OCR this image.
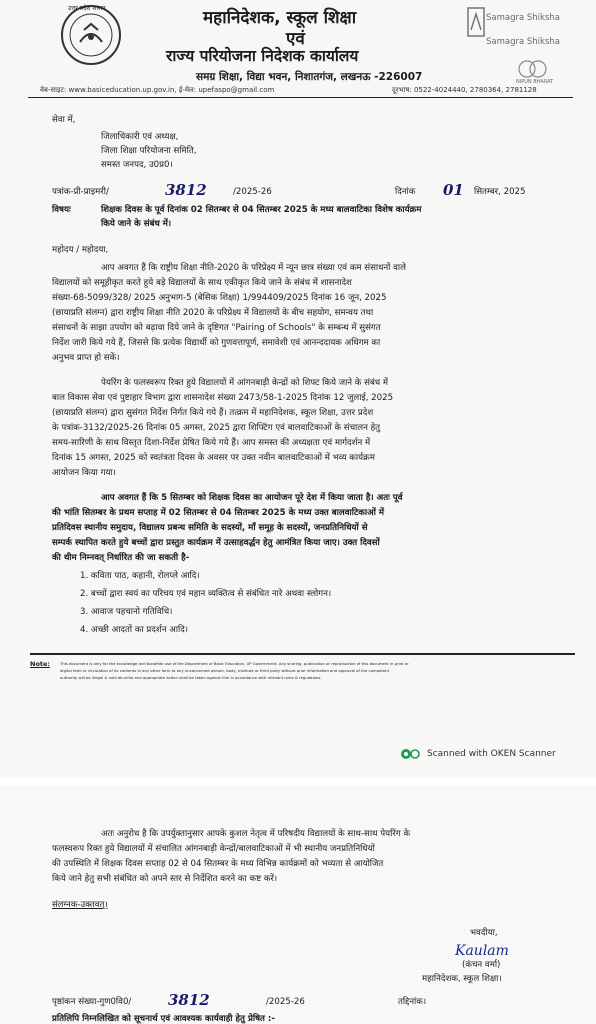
उत्तर प्रदेश शासन	महानिदेशक, स्कूल शिक्षा
एवं
राज्य परियोजना निदेशक कार्यालय
समग्र शिक्षा, विद्या भवन, निशातगंज, लखनऊ -226007
वेब-साइट: www.basiceducation.up.gov.in, ई-मेल: upefaspo@gmail.com	दूरभाष: 0522-4024440, 2780364, 2781128
Samagra Shiksha
Samagra Shiksha
NIPUN BHARAT
सेवा में,
जिलाधिकारी एवं अध्यक्ष,
जिला शिक्षा परियोजना समिति,
समस्त जनपद, उ0प्र0।
पत्रांक-प्री-प्राइमरी/	3812	/2025-26	दिनांक 01 सितम्बर, 2025
विषयः	शिक्षक दिवस के पूर्व दिनांक 02 सितम्बर से 04 सितम्बर 2025 के मध्य बालवाटिका विशेष कार्यक्रम
किये जाने के संबंध में।
महोदय / महोदया,
आप अवगत हैं कि राष्ट्रीय शिक्षा नीति-2020 के परिप्रेक्ष्य में न्यून छात्र संख्या एवं कम संसाधनों वाले
विद्यालयों को समूहीकृत करते हुये बड़े विद्यालयों के साथ एकीकृत किये जाने के संबंध में शासनादेश
संख्या-68-5099/328/ 2025 अनुभाग-5 (बेसिक शिक्षा) 1/994409/2025 दिनांक 16 जून, 2025
(छायाप्रति संलग्न) द्वारा राष्ट्रीय शिक्षा नीति 2020 के परिप्रेक्ष्य में विद्यालयों के बीच सहयोग, समन्वय तथा
संसाधनों के साझा उपयोग को बढ़ावा दिये जाने के दृष्टिगत "Pairing of Schools" के सम्बन्ध में सुसंगत
निर्देश जारी किये गये हैं, जिससे कि प्रत्येक विद्यार्थी को गुणवत्तापूर्ण, समावेशी एवं आनन्ददायक अधिगम का
अनुभव प्राप्त हो सकें।
पेयरिंग के फलस्वरूप रिक्त हुये विद्यालयों में आंगनबाड़ी केन्द्रों को शिफ्ट किये जाने के संबंध में
बाल विकास सेवा एवं पुष्टाहार विभाग द्वारा शासनादेश संख्या 2473/58-1-2025 दिनांक 12 जुलाई, 2025
(छायाप्रति संलग्न) द्वारा सुसंगत निर्देश निर्गत किये गये हैं। तत्क्रम में महानिदेशक, स्कूल शिक्षा, उत्तर प्रदेश
के पत्रांक-3132/2025-26 दिनांक 05 अगस्त, 2025 द्वारा शिफ्टिंग एवं बालवाटिकाओं के संचालन हेतु
समय-सारिणी के साथ विस्तृत दिशा-निर्देश प्रेषित किये गये हैं। आप समस्त की अध्यक्षता एवं मार्गदर्शन में
दिनांक 15 अगस्त, 2025 को स्वतंत्रता दिवस के अवसर पर उक्त नवीन बालवाटिकाओं में भव्य कार्यक्रम
आयोजन किया गया।
आप अवगत हैं कि 5 सितम्बर को शिक्षक दिवस का आयोजन पूरे देश में किया जाता है। अतः पूर्व
की भांति सितम्बर के प्रथम सप्ताह में 02 सितम्बर से 04 सितम्बर 2025 के मध्य उक्त बालवाटिकाओं में
प्रतिदिवस स्थानीय समुदाय, विद्यालय प्रबन्ध समिति के सदस्यों, माँ समूह के सदस्यों, जनप्रतिनिधियों से
सम्पर्क स्थापित करते हुये बच्चों द्वारा प्रस्तुत कार्यक्रम में उत्साहवर्द्धन हेतु आमंत्रित किया जाए। उक्त दिवसों
की थीम निम्नवत् निर्धारित की जा सकती है-
1. कविता पाठ, कहानी, रोलप्ले आदि।
2. बच्चों द्वारा स्वयं का परिचय एवं महान व्यक्तित्व से संबंधित नारे अथवा स्लोगन।
3. आवाज पहचानो गतिविधि।
4. अच्छी आदतों का प्रदर्शन आदि।
Note:	This document is only for the knowledge and bonafide use of the Department of Basic Education, UP Government. Any sharing, publication or reproduction of this document in print or
digital form or circulation of its contents in any other form to any unconcerned person, body, institute or third party without prior information and approval of the competent
authority will be illegal & void ab-initio and appropriate action shall be taken against him in accordance with relevant rules & regulations.
Scanned with OKEN Scanner
अतः अनुरोध है कि उपर्युक्तानुसार आपके कुशल नेतृत्व में परिषदीय विद्यालयों के साथ-साथ पेयरिंग के
फलस्वरूप रिक्त हुये विद्यालयों में संचालित आंगनबाड़ी केन्द्रों/बालवाटिकाओं में भी स्थानीय जनप्रतिनिधियों
की उपस्थिति में शिक्षक दिवस सप्ताह 02 से 04 सितम्बर के मध्य विभिन्न कार्यक्रमों को भव्यता से आयोजित
किये जाने हेतु सभी संबंधित को अपने स्तर से निर्देशित करने का कष्ट करें।
संलग्नक-उक्तवत्।
भवदीया,
Kaulam
(कंचन वर्मा)
महानिदेशक, स्कूल शिक्षा।
पृष्ठांकन संख्या-गुण0वि0/ 3812	/2025-26	तद्दिनांक।
प्रतिलिपि निम्नलिखित को सूचनार्थ एवं आवश्यक कार्यवाही हेतु प्रेषित :-
